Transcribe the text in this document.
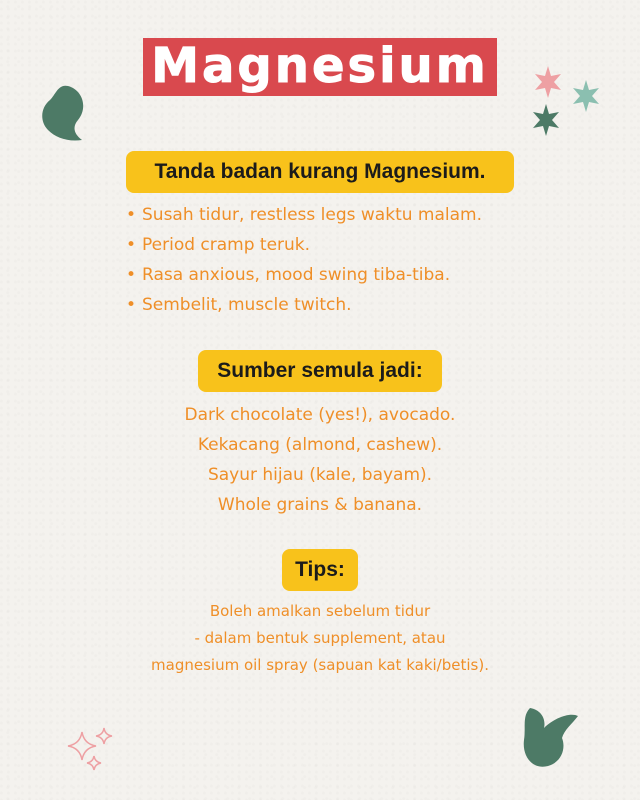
Magnesium
Tanda badan kurang Magnesium.
• Susah tidur, restless legs waktu malam.
• Period cramp teruk.
• Rasa anxious, mood swing tiba-tiba.
• Sembelit, muscle twitch.
Sumber semula jadi:
Dark chocolate (yes!), avocado.
Kekacang (almond, cashew).
Sayur hijau (kale, bayam).
Whole grains & banana.
Tips:
Boleh amalkan sebelum tidur
- dalam bentuk supplement, atau
magnesium oil spray (sapuan kat kaki/betis).
